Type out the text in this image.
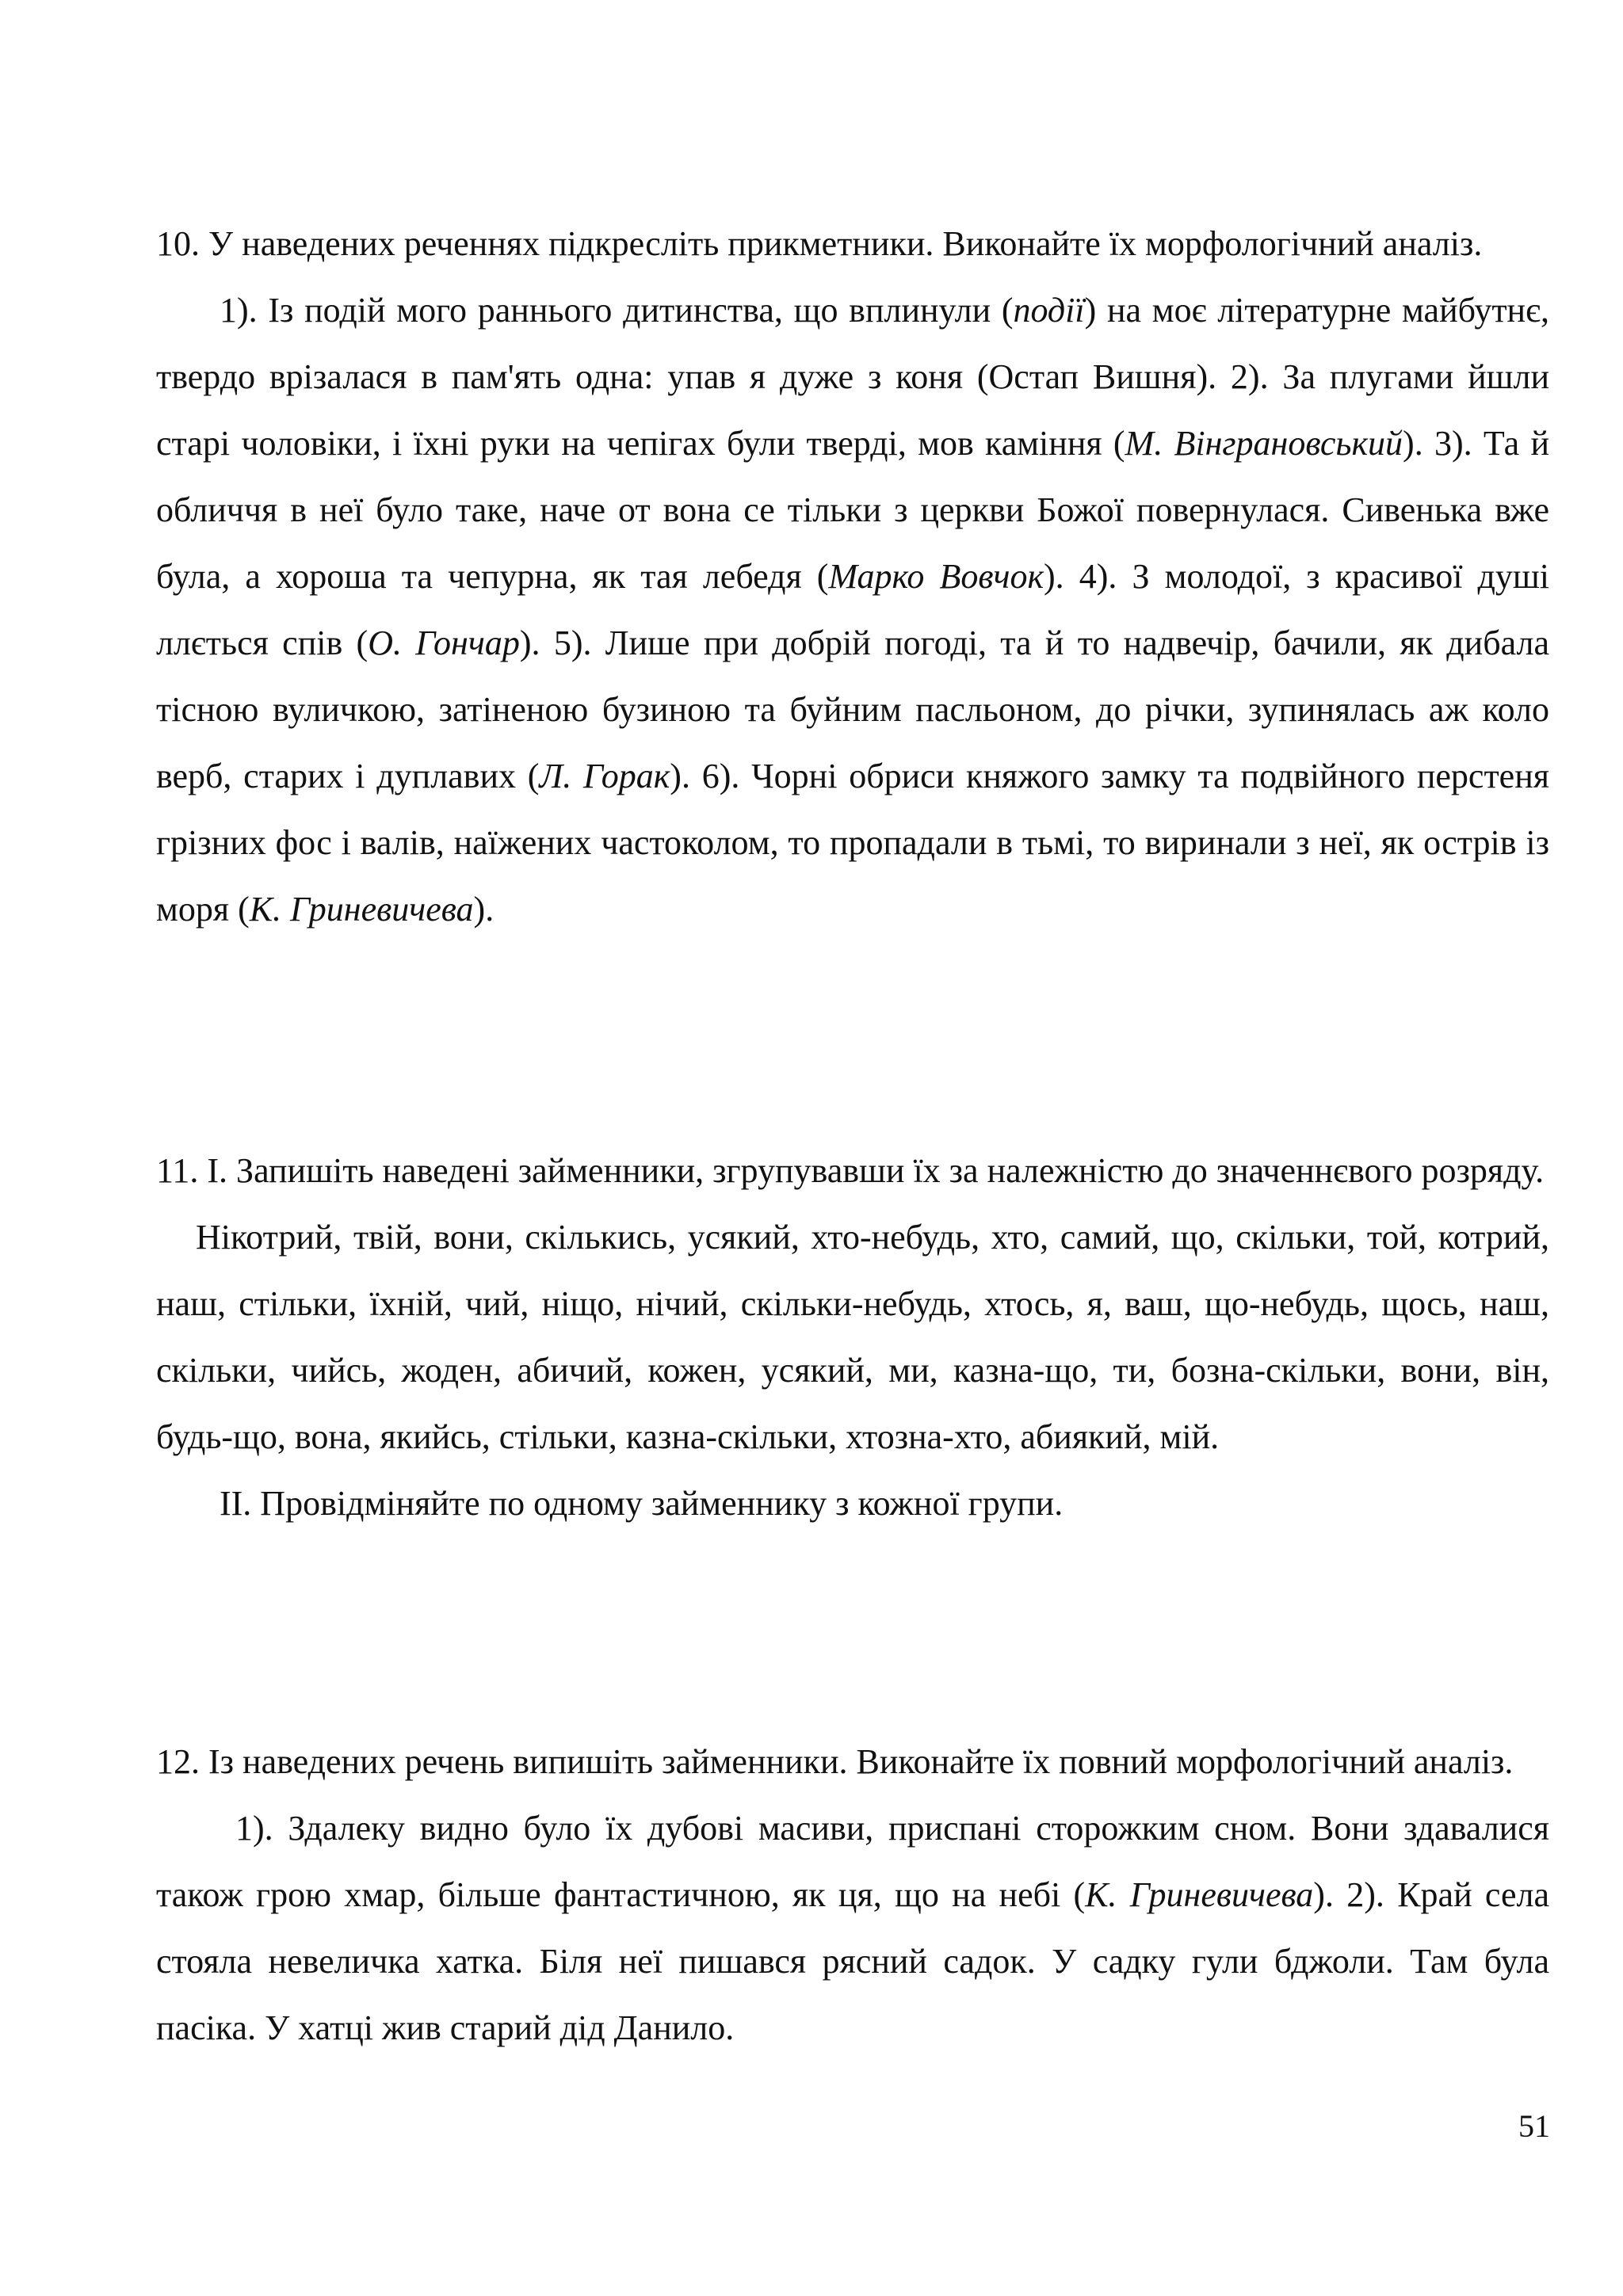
10. У наведених реченнях підкресліть прикметники. Виконайте їх морфологічний аналіз.

1). Із подій мого раннього дитинства, що вплинули (події) на моє літературне майбутнє, твердо врізалася в пам'ять одна: упав я дуже з коня (Остап Вишня). 2). За плугами йшли старі чоловіки, і їхні руки на чепігах були тверді, мов каміння (М. Вінграновський). 3). Та й обличчя в неї було таке, наче от вона се тільки з церкви Божої повернулася. Сивенька вже була, а хороша та чепурна, як тая лебедя (Марко Вовчок). 4). З молодої, з красивої душі ллється спів (О. Гончар). 5). Лише при добрій погоді, та й то надвечір, бачили, як дибала тісною вуличкою, затіненою бузиною та буйним пасльоном, до річки, зупинялась аж коло верб, старих і дуплавих (Л. Горак). 6). Чорні обриси княжого замку та подвійного перстеня грізних фос і валів, наїжених частоколом, то пропадали в тьмі, то виринали з неї, як острів із моря (К. Гриневичева).

11. І. Запишіть наведені займенники, згрупувавши їх за належністю до значеннєвого розряду.

Нікотрий, твій, вони, скількись, усякий, хто-небудь, хто, самий, що, скільки, той, котрий, наш, стільки, їхній, чий, ніщо, нічий, скільки-небудь, хтось, я, ваш, що-небудь, щось, наш, скільки, чийсь, жоден, абичий, кожен, усякий, ми, казна-що, ти, бозна-скільки, вони, він, будь-що, вона, якийсь, стільки, казна-скільки, хтозна-хто, абиякий, мій.

ІІ. Провідміняйте по одному займеннику з кожної групи.

12. Із наведених речень випишіть займенники. Виконайте їх повний морфологічний аналіз.

1). Здалеку видно було їх дубові масиви, приспані сторожким сном. Вони здавалися також грою хмар, більше фантастичною, як ця, що на небі (К. Гриневичева). 2). Край села стояла невеличка хатка. Біля неї пишався рясний садок. У садку гули бджоли. Там була пасіка. У хатці жив старий дід Данило.

51
